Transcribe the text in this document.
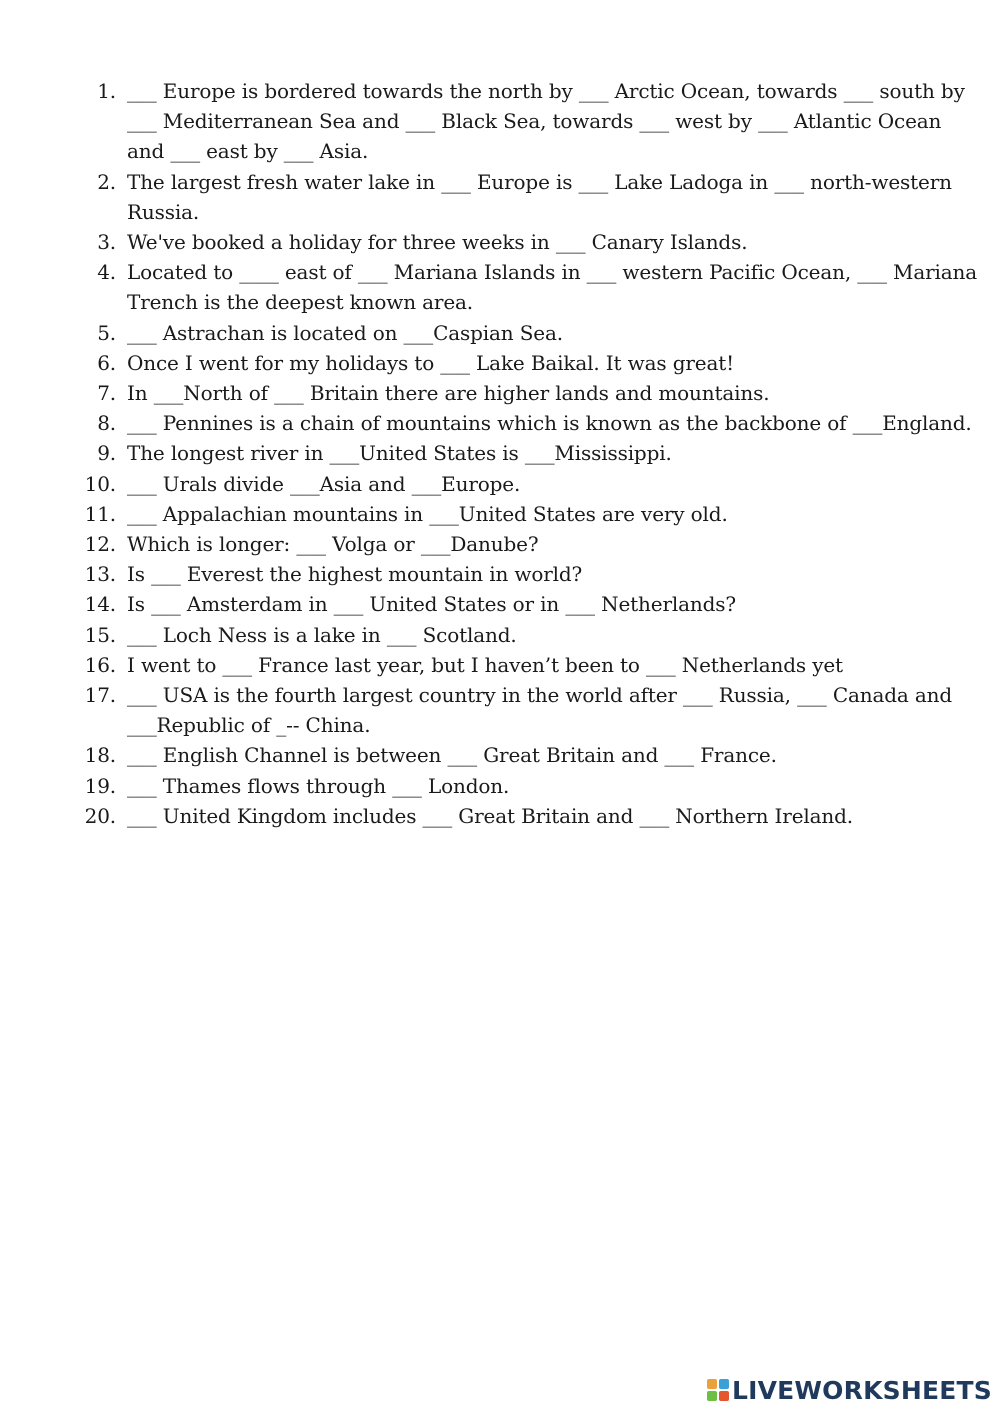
1. ___ Europe is bordered towards the north by ___ Arctic Ocean, towards ___ south by ___ Mediterranean Sea and ___ Black Sea, towards ___ west by ___ Atlantic Ocean and ___ east by ___ Asia.
2. The largest fresh water lake in ___ Europe is ___ Lake Ladoga in ___ north-western Russia.
3. We've booked a holiday for three weeks in ___ Canary Islands.
4. Located to ____ east of ___ Mariana Islands in ___ western Pacific Ocean, ___ Mariana Trench is the deepest known area.
5. ___ Astrachan is located on ___Caspian Sea.
6. Once I went for my holidays to ___ Lake Baikal. It was great!
7. In ___North of ___ Britain there are higher lands and mountains.
8. ___ Pennines is a chain of mountains which is known as the backbone of ___England.
9. The longest river in ___United States is ___Mississippi.
10. ___ Urals divide ___Asia and ___Europe.
11. ___ Appalachian mountains in ___United States are very old.
12. Which is longer: ___ Volga or ___Danube?
13. Is ___ Everest the highest mountain in world?
14. Is ___ Amsterdam in ___ United States or in ___ Netherlands?
15. ___ Loch Ness is a lake in ___ Scotland.
16. I went to ___ France last year, but I haven’t been to ___ Netherlands yet
17. ___ USA is the fourth largest country in the world after ___ Russia, ___ Canada and ___Republic of _-- China.
18. ___ English Channel is between ___ Great Britain and ___ France.
19. ___ Thames flows through ___ London.
20. ___ United Kingdom includes ___ Great Britain and ___ Northern Ireland.
LIVEWORKSHEETS
